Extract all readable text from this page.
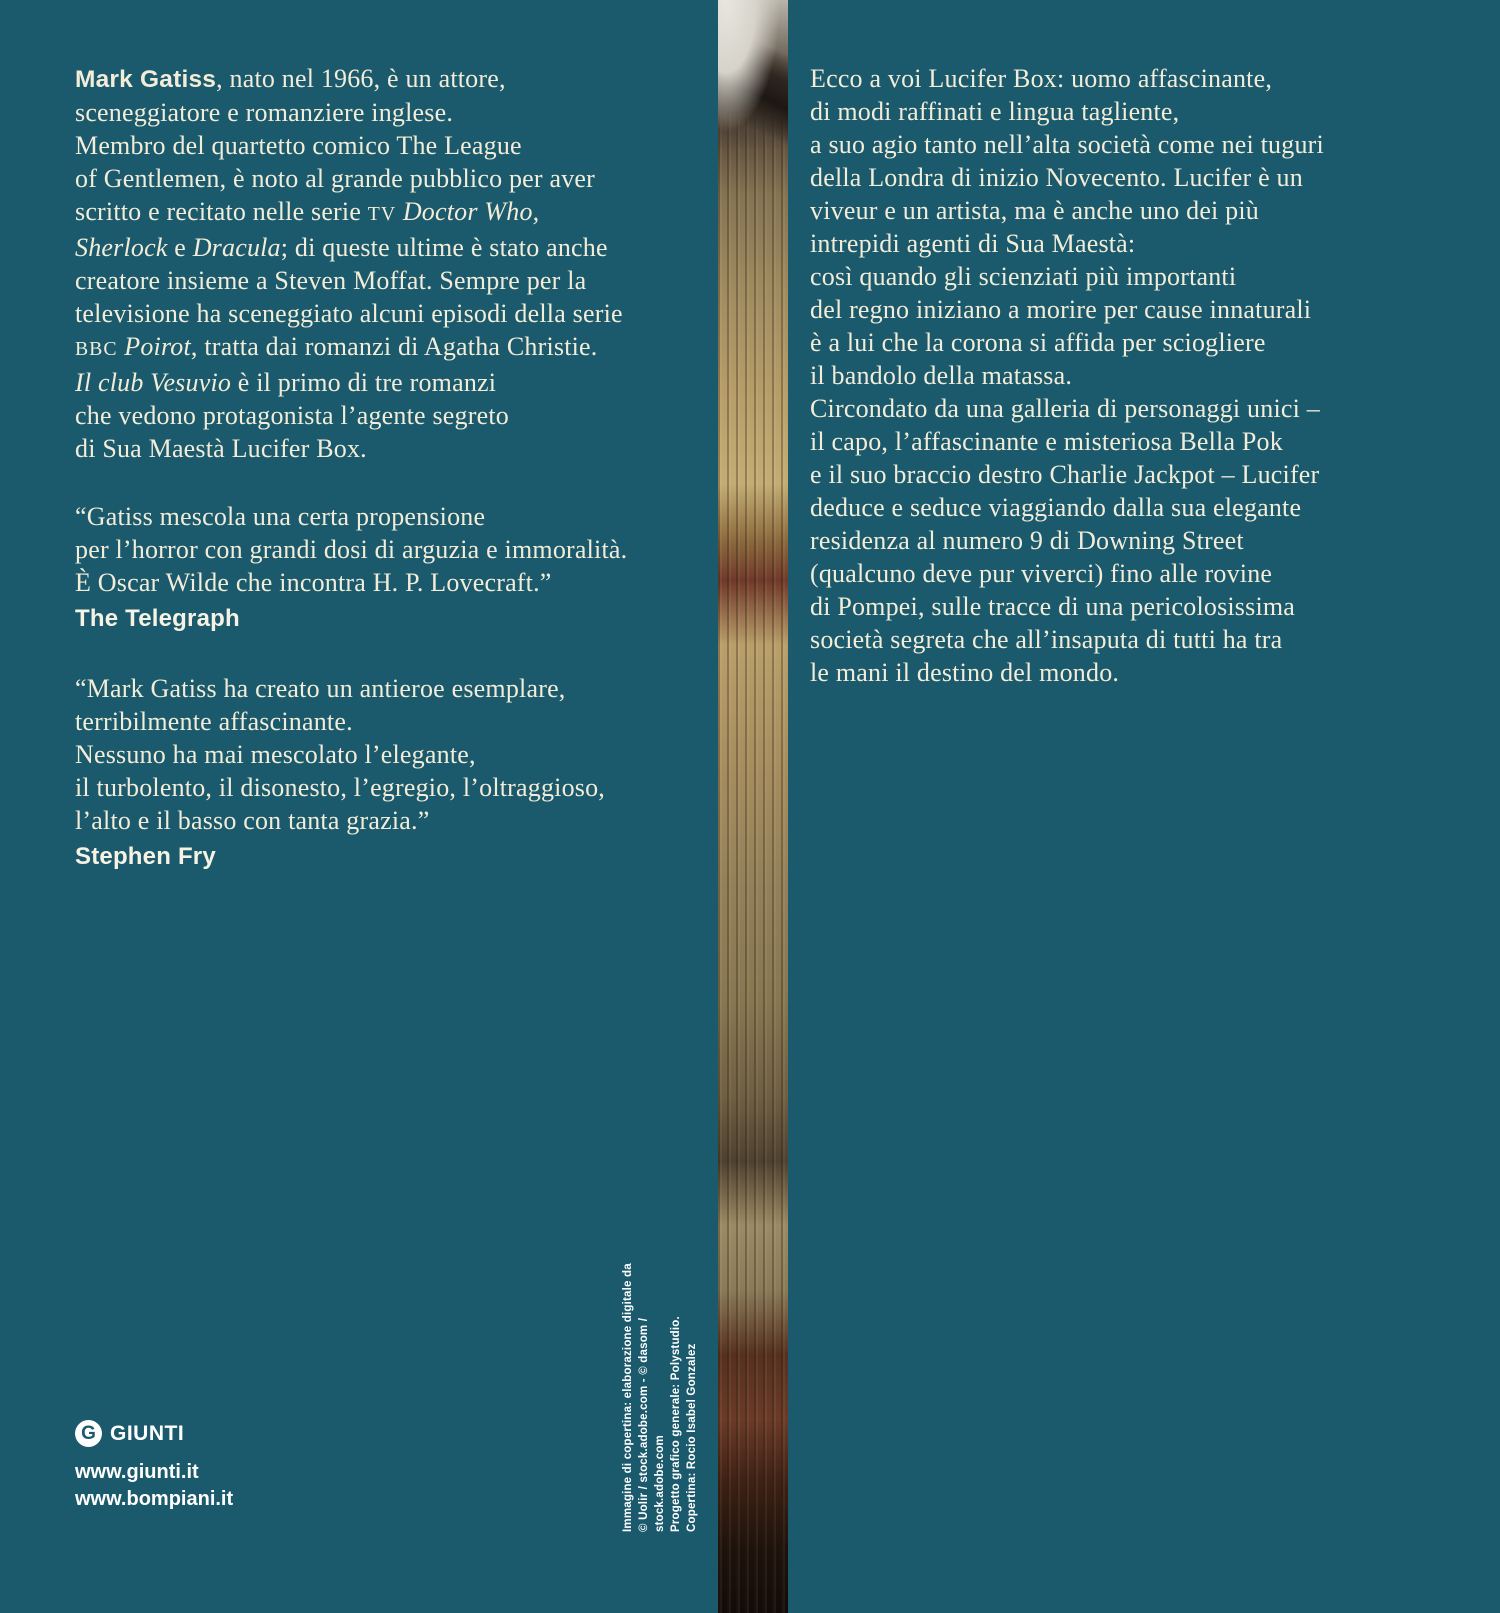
Mark Gatiss, nato nel 1966, è un attore,
sceneggiatore e romanziere inglese.
Membro del quartetto comico The League
of Gentlemen, è noto al grande pubblico per aver
scritto e recitato nelle serie TV Doctor Who,
Sherlock e Dracula; di queste ultime è stato anche
creatore insieme a Steven Moffat. Sempre per la
televisione ha sceneggiato alcuni episodi della serie
BBC Poirot, tratta dai romanzi di Agatha Christie.
Il club Vesuvio è il primo di tre romanzi
che vedono protagonista l’agente segreto
di Sua Maestà Lucifer Box.
“Gatiss mescola una certa propensione
per l’horror con grandi dosi di arguzia e immoralità.
È Oscar Wilde che incontra H. P. Lovecraft.”
The Telegraph
“Mark Gatiss ha creato un antieroe esemplare,
terribilmente affascinante.
Nessuno ha mai mescolato l’elegante,
il turbolento, il disonesto, l’egregio, l’oltraggioso,
l’alto e il basso con tanta grazia.”
Stephen Fry
G GIUNTI
www.giunti.it
www.bompiani.it	Immagine di copertina: elaborazione digitale da © Uolir / stock.adobe.com - © dasom / stock.adobe.com Progetto grafico generale: Polystudio. Copertina: Rocio Isabel Gonzalez
Ecco a voi Lucifer Box: uomo affascinante,
di modi raffinati e lingua tagliente,
a suo agio tanto nell’alta società come nei tuguri
della Londra di inizio Novecento. Lucifer è un
viveur e un artista, ma è anche uno dei più
intrepidi agenti di Sua Maestà:
così quando gli scienziati più importanti
del regno iniziano a morire per cause innaturali
è a lui che la corona si affida per sciogliere
il bandolo della matassa.
Circondato da una galleria di personaggi unici –
il capo, l’affascinante e misteriosa Bella Pok
e il suo braccio destro Charlie Jackpot – Lucifer
deduce e seduce viaggiando dalla sua elegante
residenza al numero 9 di Downing Street
(qualcuno deve pur viverci) fino alle rovine
di Pompei, sulle tracce di una pericolosissima
società segreta che all’insaputa di tutti ha tra
le mani il destino del mondo.
